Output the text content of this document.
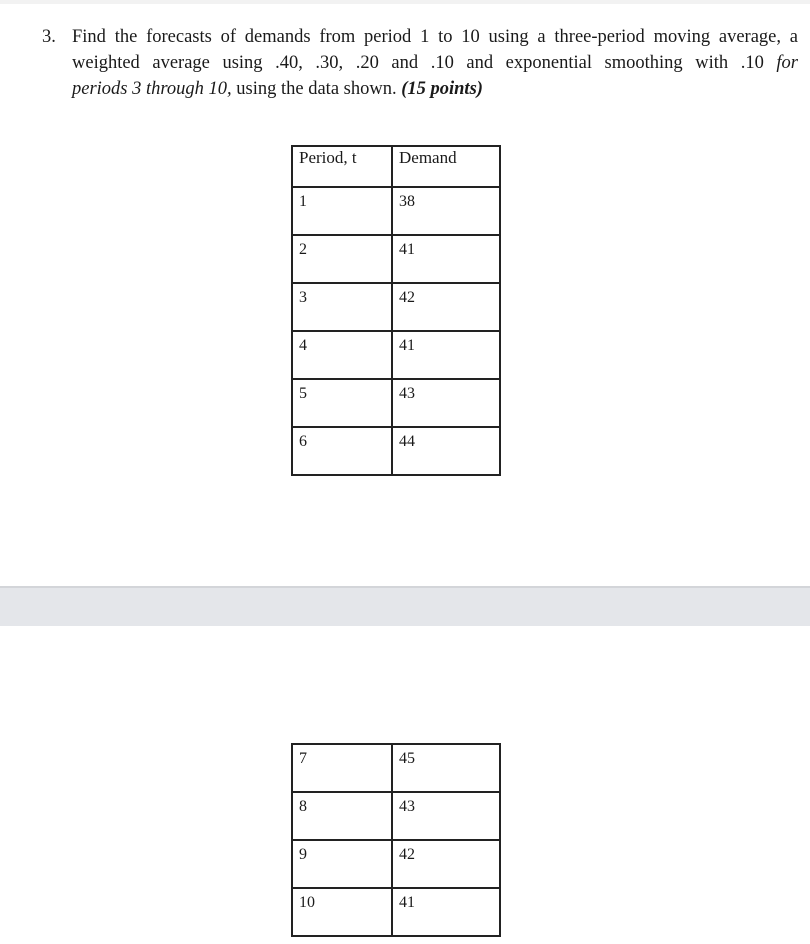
3. Find the forecasts of demands from period 1 to 10 using a three-period moving average, a
weighted average using .40, .30, .20 and .10 and exponential smoothing with .10 for
periods 3 through 10, using the data shown. (15 points)
Period, t	Demand
1	38
2	41
3	42
4	41
5	43
6	44
7	45
8	43
9	42
10	41
